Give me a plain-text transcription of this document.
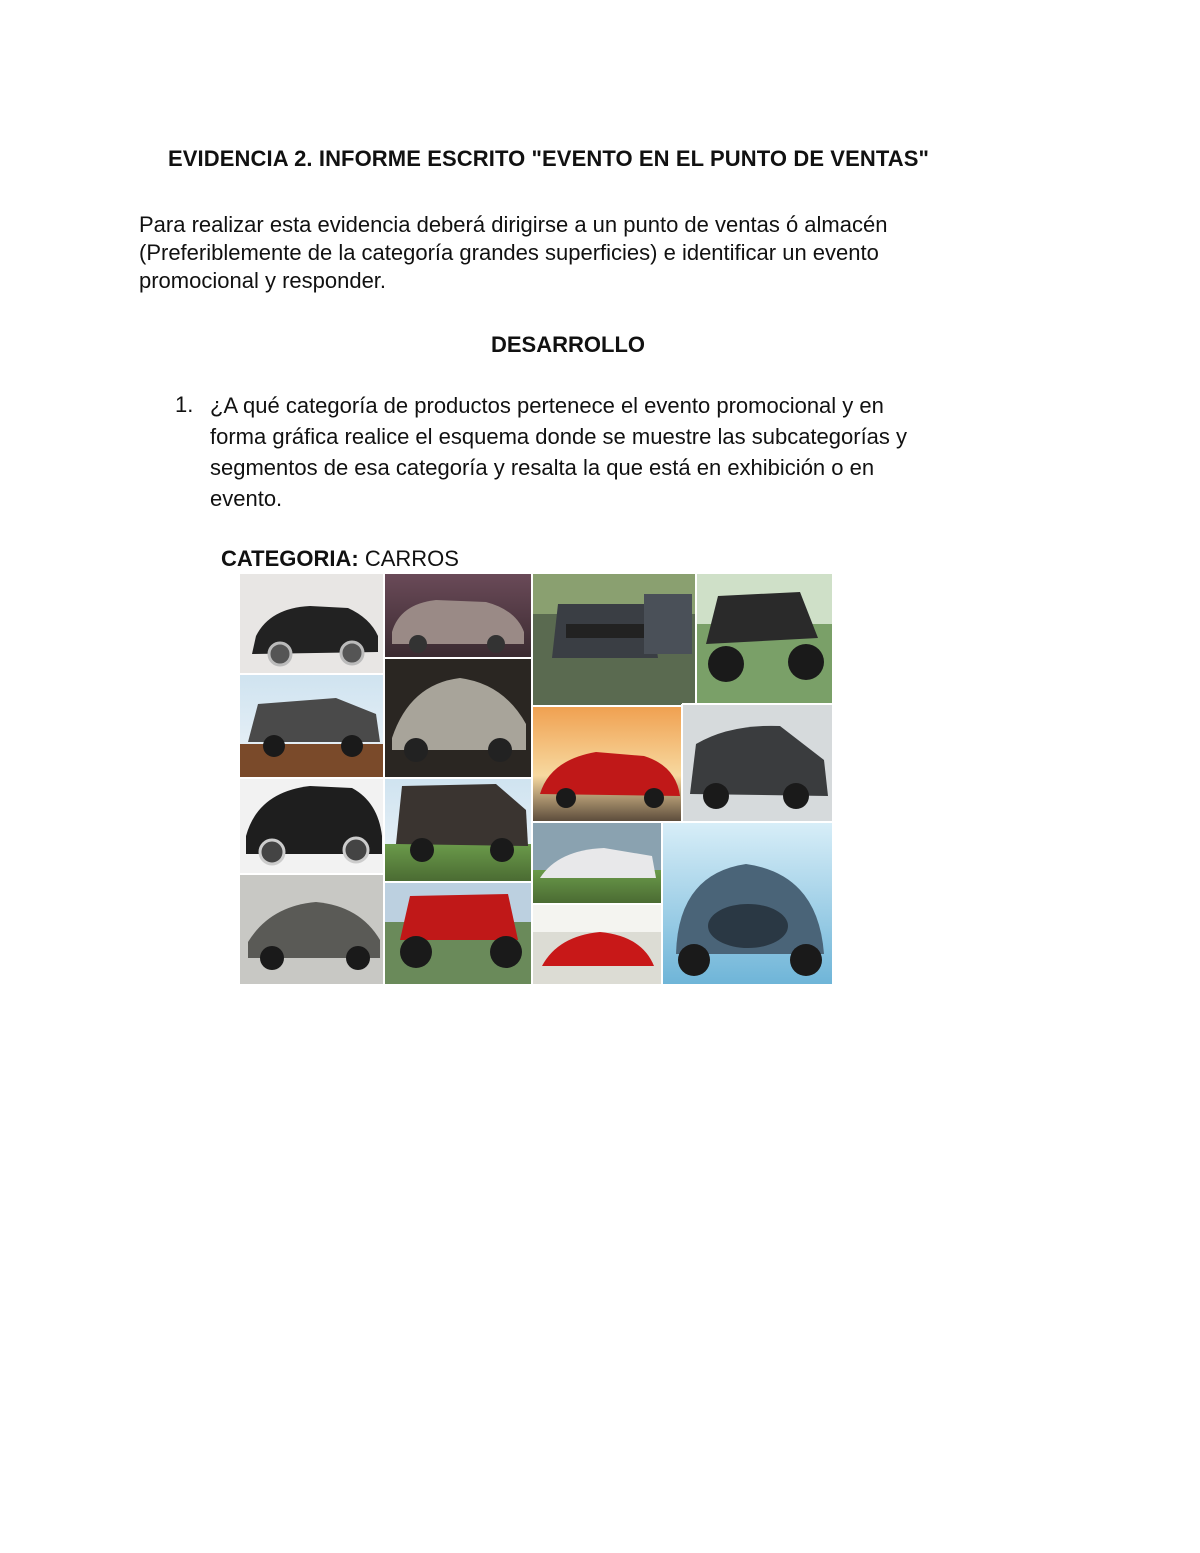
EVIDENCIA 2. INFORME ESCRITO "EVENTO EN EL PUNTO DE VENTAS"
Para realizar esta evidencia deberá dirigirse a un punto de ventas ó almacén
(Preferiblemente de la categoría grandes superficies) e identificar un evento
promocional y responder.
DESARROLLO
1. ¿A qué categoría de productos pertenece el evento promocional y en
forma gráfica realice el esquema donde se muestre las subcategorías y
segmentos de esa categoría y resalta la que está en exhibición o en
evento.
CATEGORIA: CARROS
